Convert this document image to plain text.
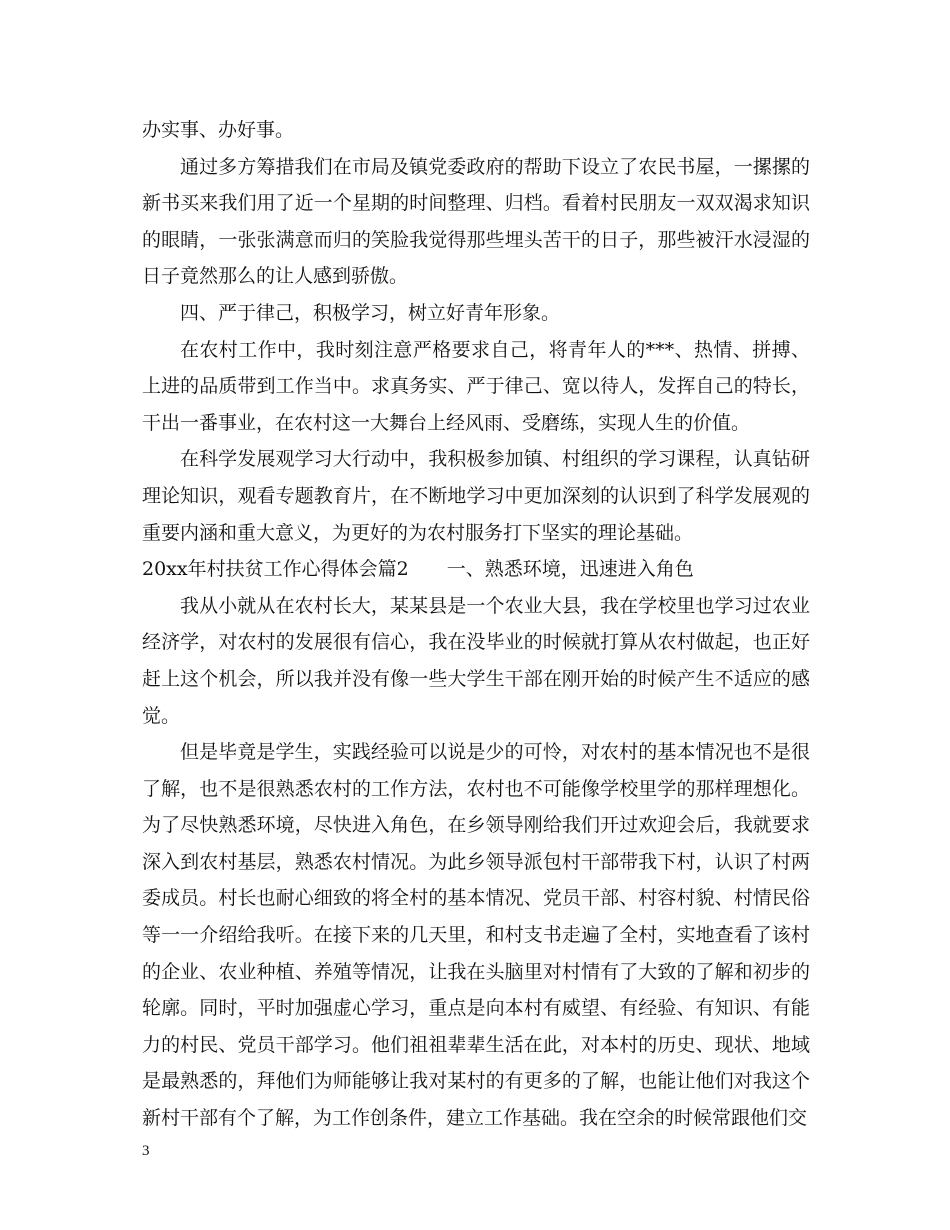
办实事、办好事。

通过多方筹措我们在市局及镇党委政府的帮助下设立了农民书屋，一摞摞的新书买来我们用了近一个星期的时间整理、归档。看着村民朋友一双双渴求知识的眼睛，一张张满意而归的笑脸我觉得那些埋头苦干的日子，那些被汗水浸湿的日子竟然那么的让人感到骄傲。

四、严于律己，积极学习，树立好青年形象。

在农村工作中，我时刻注意严格要求自己，将青年人的***、热情、拼搏、上进的品质带到工作当中。求真务实、严于律己、宽以待人，发挥自己的特长，干出一番事业，在农村这一大舞台上经风雨、受磨练，实现人生的价值。

在科学发展观学习大行动中，我积极参加镇、村组织的学习课程，认真钻研理论知识，观看专题教育片，在不断地学习中更加深刻的认识到了科学发展观的重要内涵和重大意义，为更好的为农村服务打下坚实的理论基础。

20xx年村扶贫工作心得体会篇2 一、熟悉环境，迅速进入角色

我从小就从在农村长大，某某县是一个农业大县，我在学校里也学习过农业经济学，对农村的发展很有信心，我在没毕业的时候就打算从农村做起，也正好赶上这个机会，所以我并没有像一些大学生干部在刚开始的时候产生不适应的感觉。

但是毕竟是学生，实践经验可以说是少的可怜，对农村的基本情况也不是很了解，也不是很熟悉农村的工作方法，农村也不可能像学校里学的那样理想化。为了尽快熟悉环境，尽快进入角色，在乡领导刚给我们开过欢迎会后，我就要求深入到农村基层，熟悉农村情况。为此乡领导派包村干部带我下村，认识了村两委成员。村长也耐心细致的将全村的基本情况、党员干部、村容村貌、村情民俗等一一介绍给我听。在接下来的几天里，和村支书走遍了全村，实地查看了该村的企业、农业种植、养殖等情况，让我在头脑里对村情有了大致的了解和初步的轮廓。同时，平时加强虚心学习，重点是向本村有威望、有经验、有知识、有能力的村民、党员干部学习。他们祖祖辈辈生活在此，对本村的历史、现状、地域是最熟悉的，拜他们为师能够让我对某村的有更多的了解，也能让他们对我这个新村干部有个了解，为工作创条件，建立工作基础。我在空余的时候常跟他们交

3
